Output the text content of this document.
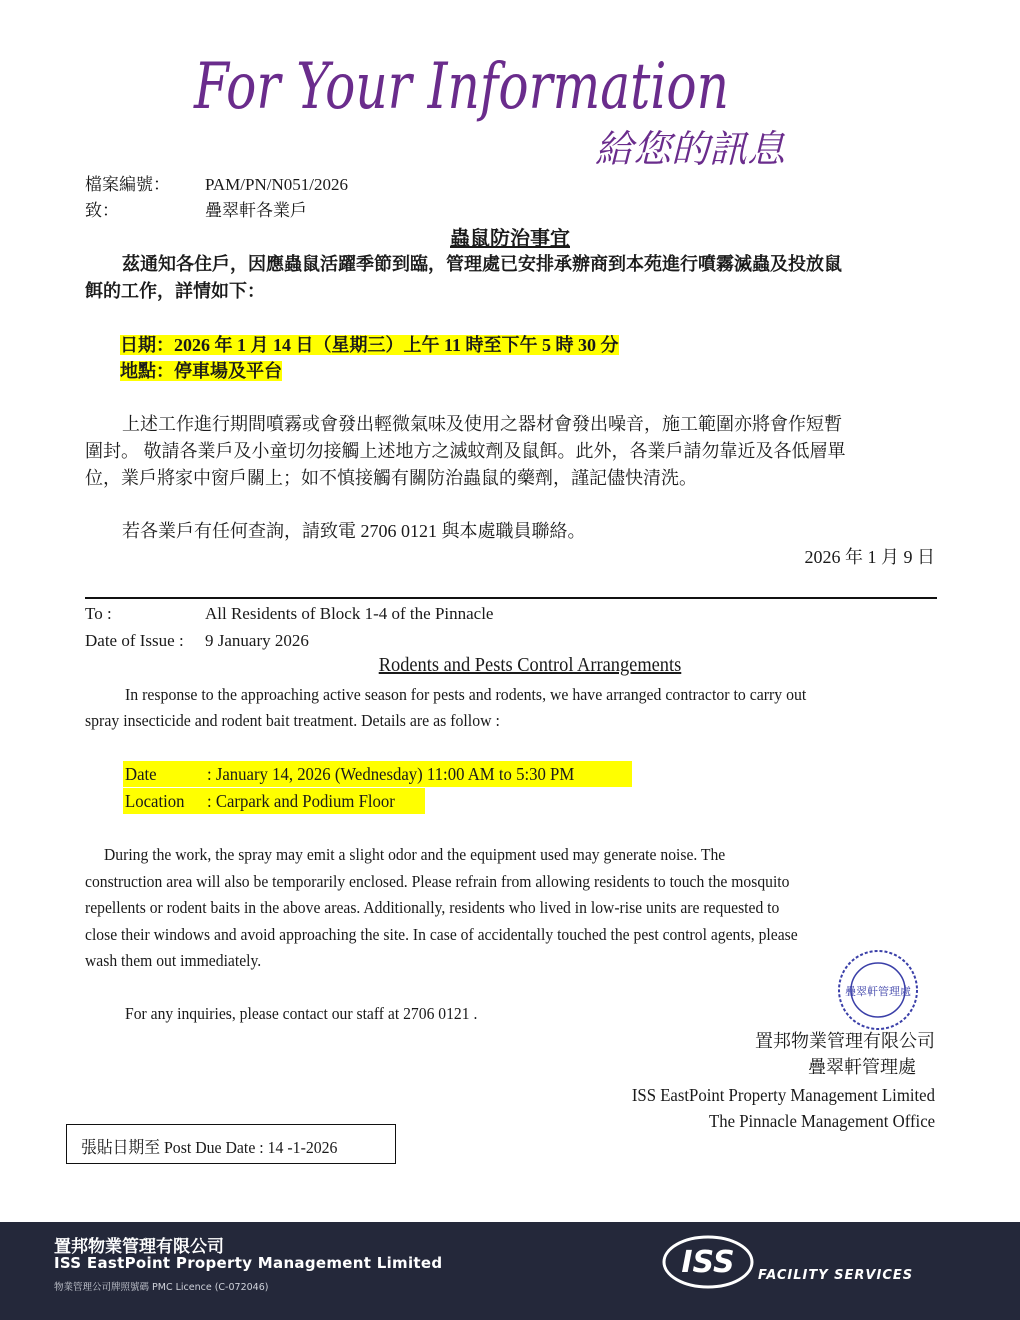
For Your Information
給您的訊息
檔案編號： PAM/PN/N051/2026
致：	疊翠軒各業戶
蟲鼠防治事宜
茲通知各住戶，因應蟲鼠活躍季節到臨，管理處已安排承辦商到本苑進行噴霧滅蟲及投放鼠
餌的工作，詳情如下：
日期：2026 年 1 月 14 日（星期三）上午 11 時至下午 5 時 30 分
地點：停車場及平台
上述工作進行期間噴霧或會發出輕微氣味及使用之器材會發出噪音，施工範圍亦將會作短暫
圍封。 敬請各業戶及小童切勿接觸上述地方之滅蚊劑及鼠餌。此外，各業戶請勿靠近及各低層單
位，業戶將家中窗戶關上；如不慎接觸有關防治蟲鼠的藥劑，謹記儘快清洗。
若各業戶有任何查詢，請致電 2706 0121 與本處職員聯絡。
2026 年 1 月 9 日
To :	All Residents of Block 1-4 of the Pinnacle
Date of Issue : 9 January 2026
Rodents and Pests Control Arrangements
In response to the approaching active season for pests and rodents, we have arranged contractor to carry out
spray insecticide and rodent bait treatment. Details are as follow :
Date	: January 14, 2026 (Wednesday) 11:00 AM to 5:30 PM
Location : Carpark and Podium Floor
During the work, the spray may emit a slight odor and the equipment used may generate noise. The
construction area will also be temporarily enclosed. Please refrain from allowing residents to touch the mosquito
repellents or rodent baits in the above areas. Additionally, residents who lived in low-rise units are requested to
close their windows and avoid approaching the site. In case of accidentally touched the pest control agents, please
wash them out immediately.
For any inquiries, please contact our staff at 2706 0121 .
疊翠軒管理處
置邦物業管理有限公司
疊翠軒管理處
ISS EastPoint Property Management Limited
The Pinnacle Management Office
張貼日期至 Post Due Date : 14 -1-2026
置邦物業管理有限公司
ISS EastPoint Property Management Limited
物業管理公司牌照號碼 PMC Licence (C-072046)
ISS FACILITY SERVICES
